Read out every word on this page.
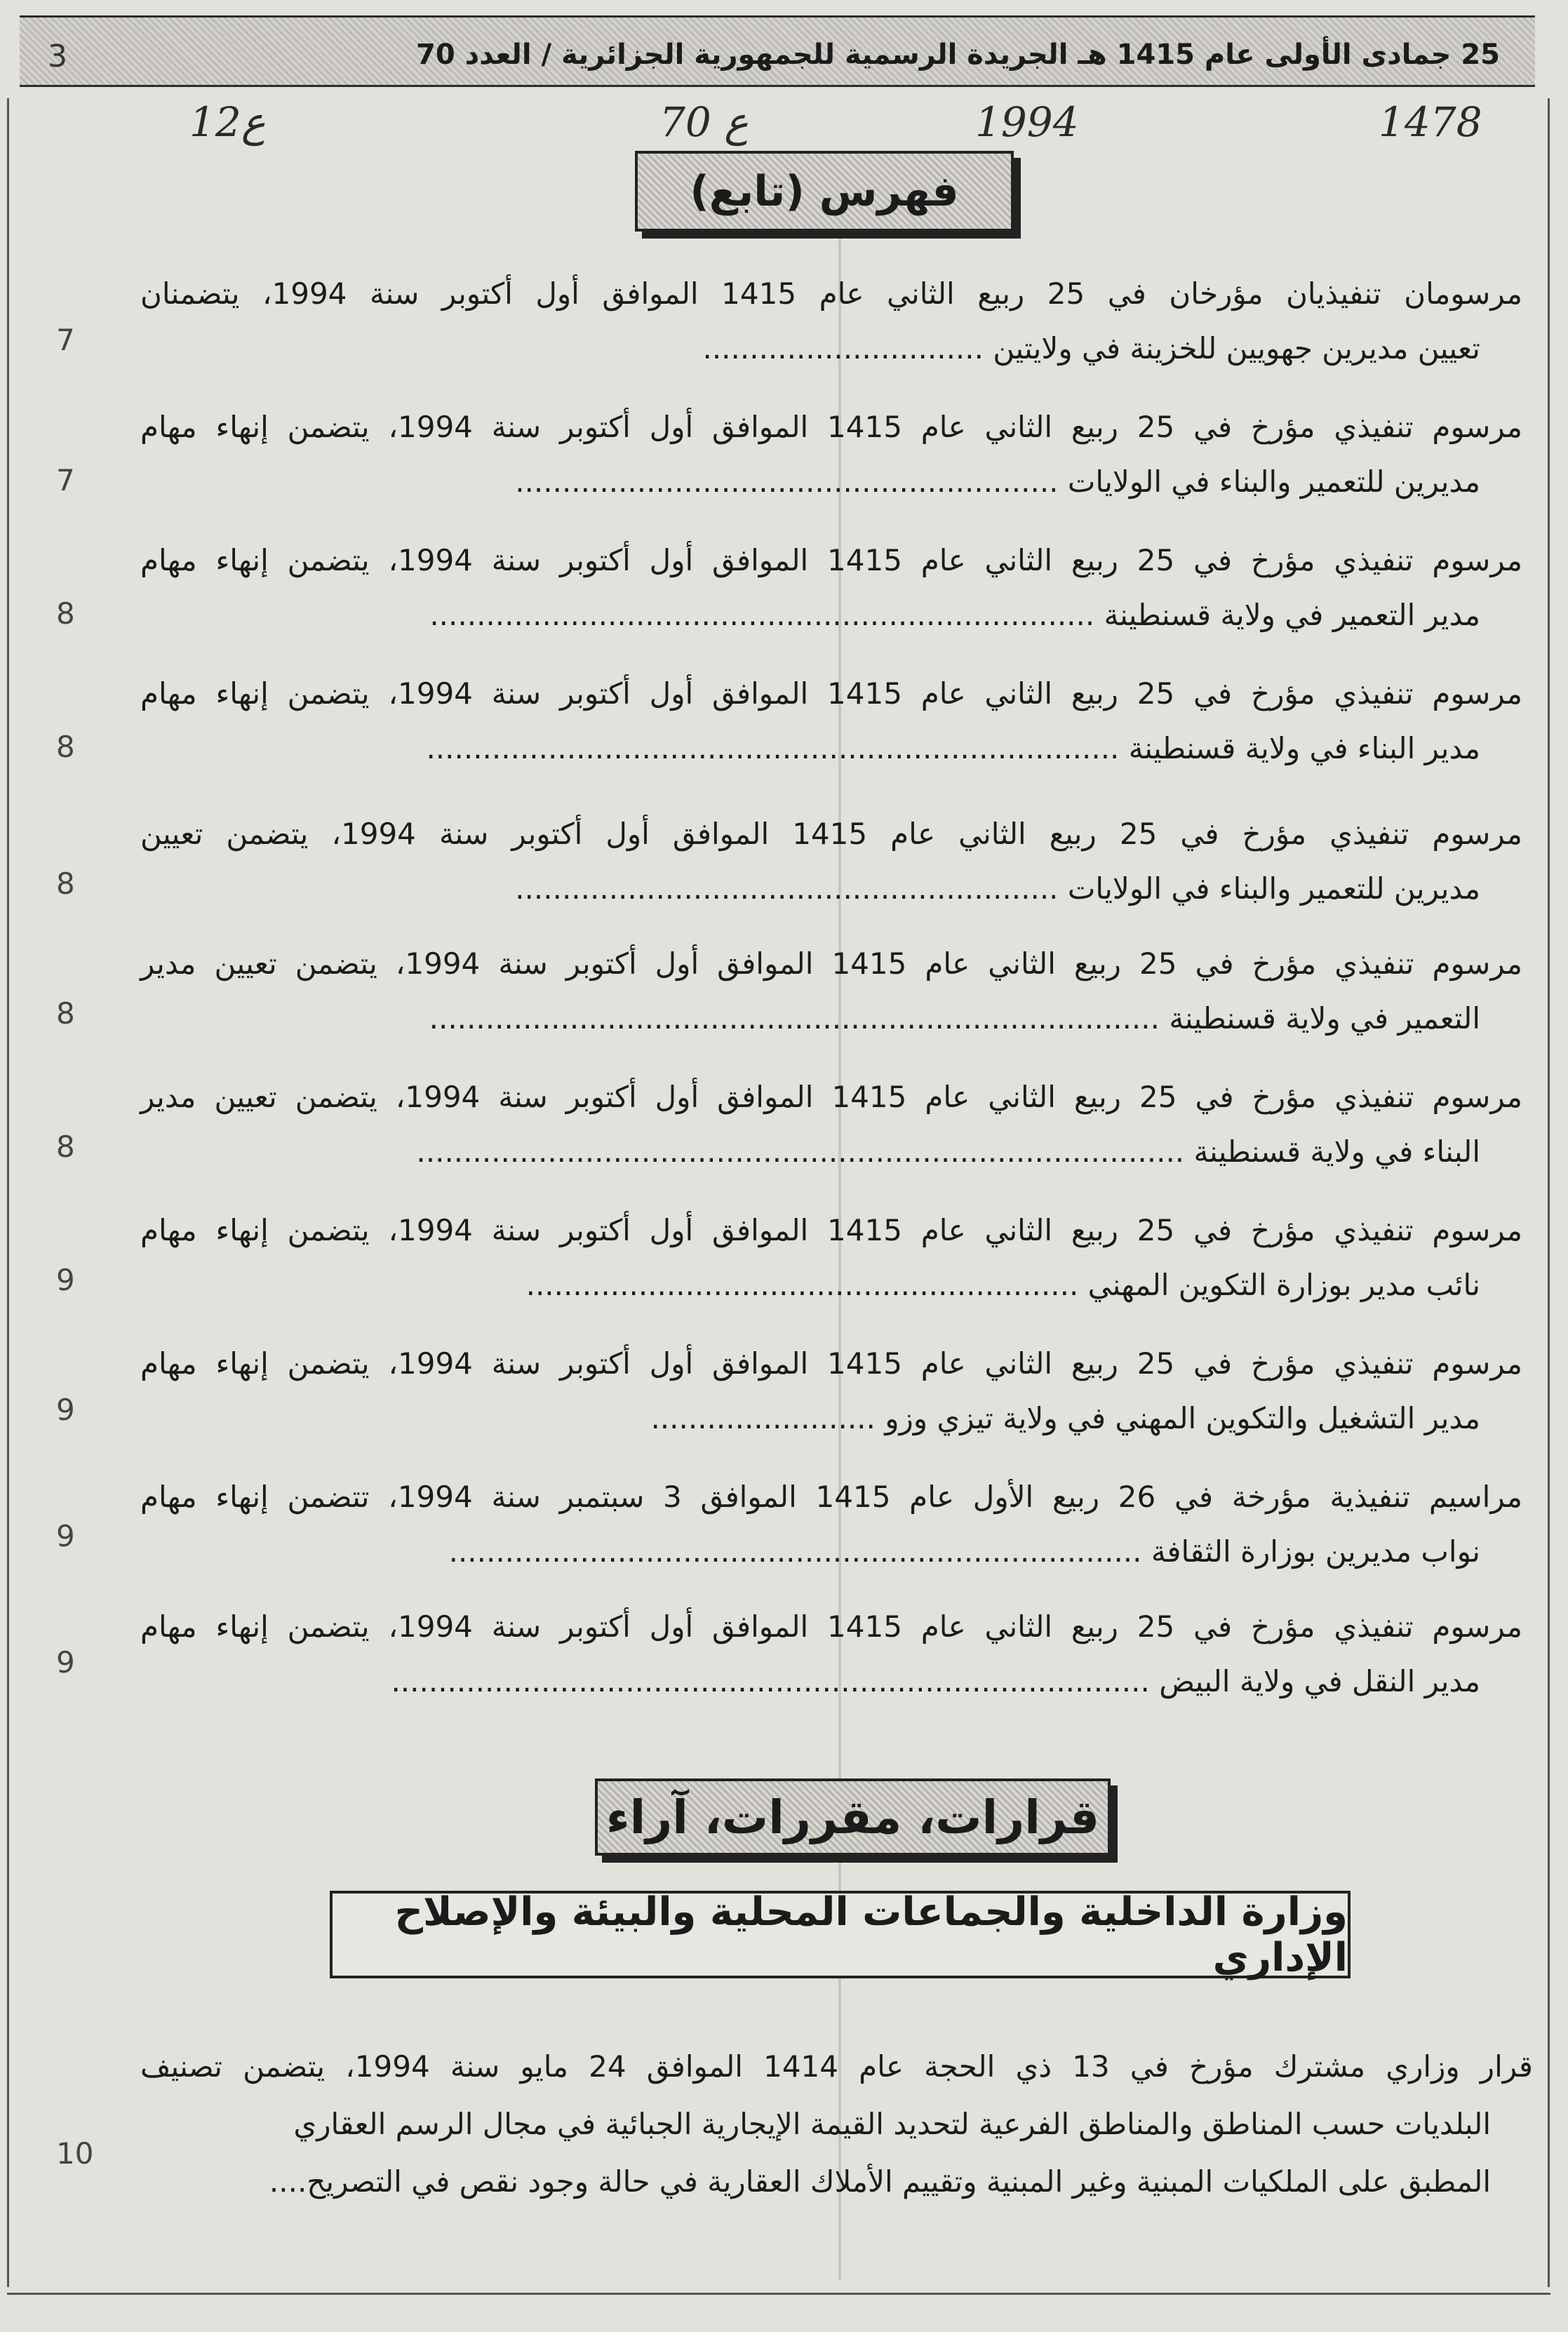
25 جمادى الأولى عام 1415 هـ الجريدة الرسمية للجمهورية الجزائرية / العدد 70
3
12ع	70 ع	1994	1478
فهرس (تابع)
مرسومان تنفيذيان مؤرخان في 25 ربيع الثاني عام 1415 الموافق أول أكتوبر سنة 1994، يتضمنان
تعيين مديرين جهويين للخزينة في ولايتين ..............................
7
مرسوم تنفيذي مؤرخ في 25 ربيع الثاني عام 1415 الموافق أول أكتوبر سنة 1994، يتضمن إنهاء مهام
مديرين للتعمير والبناء في الولايات ..........................................................
7
مرسوم تنفيذي مؤرخ في 25 ربيع الثاني عام 1415 الموافق أول أكتوبر سنة 1994، يتضمن إنهاء مهام
مدير التعمير في ولاية قسنطينة .......................................................................
8
مرسوم تنفيذي مؤرخ في 25 ربيع الثاني عام 1415 الموافق أول أكتوبر سنة 1994، يتضمن إنهاء مهام
مدير البناء في ولاية قسنطينة ..........................................................................
8
مرسوم تنفيذي مؤرخ في 25 ربيع الثاني عام 1415 الموافق أول أكتوبر سنة 1994، يتضمن تعيين
مديرين للتعمير والبناء في الولايات ..........................................................
8
مرسوم تنفيذي مؤرخ في 25 ربيع الثاني عام 1415 الموافق أول أكتوبر سنة 1994، يتضمن تعيين مدير
التعمير في ولاية قسنطينة ..............................................................................
8
مرسوم تنفيذي مؤرخ في 25 ربيع الثاني عام 1415 الموافق أول أكتوبر سنة 1994، يتضمن تعيين مدير
البناء في ولاية قسنطينة ..................................................................................
8
مرسوم تنفيذي مؤرخ في 25 ربيع الثاني عام 1415 الموافق أول أكتوبر سنة 1994، يتضمن إنهاء مهام
نائب مدير بوزارة التكوين المهني ...........................................................
9
مرسوم تنفيذي مؤرخ في 25 ربيع الثاني عام 1415 الموافق أول أكتوبر سنة 1994، يتضمن إنهاء مهام
مدير التشغيل والتكوين المهني في ولاية تيزي وزو ........................
9
مراسيم تنفيذية مؤرخة في 26 ربيع الأول عام 1415 الموافق 3 سبتمبر سنة 1994، تتضمن إنهاء مهام
نواب مديرين بوزارة الثقافة ..........................................................................
9
مرسوم تنفيذي مؤرخ في 25 ربيع الثاني عام 1415 الموافق أول أكتوبر سنة 1994، يتضمن إنهاء مهام
مدير النقل في ولاية البيض .................................................................................
9
قرارات، مقررات، آراء
وزارة الداخلية والجماعات المحلية والبيئة والإصلاح الإداري
قرار وزاري مشترك مؤرخ في 13 ذي الحجة عام 1414 الموافق 24 مايو سنة 1994، يتضمن تصنيف
البلديات حسب المناطق والمناطق الفرعية لتحديد القيمة الإيجارية الجبائية في مجال الرسم العقاري
المطبق على الملكيات المبنية وغير المبنية وتقييم الأملاك العقارية في حالة وجود نقص في التصريح....
10
